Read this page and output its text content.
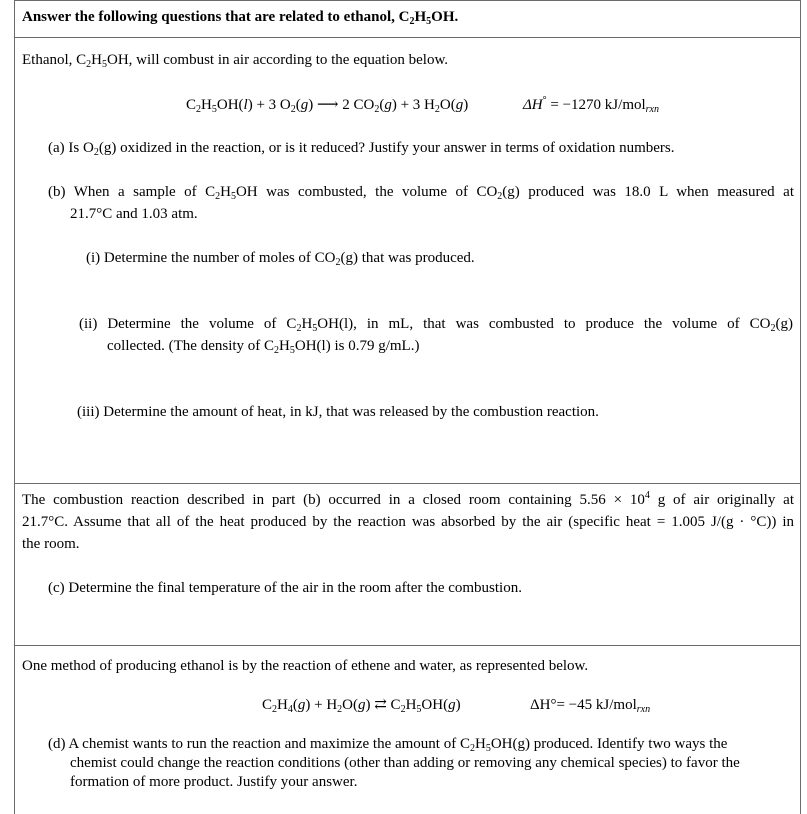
Answer the following questions that are related to ethanol, $C_2H_5OH$.
Ethanol, $C_2H_5OH$, will combust in air according to the equation below.
$C_2H_5OH(l) + 3$ $O_2(g)$ ⟶ 2 $CO_2(g) + 3$ $H_2O(g)$	ΔH° = −1270 kJ/mol$_{rxn}$
(a) Is $O_2(g)$ oxidized in the reaction, or is it reduced? Justify your answer in terms of oxidation numbers.
(b) When a sample of $C_2H_5OH$ was combusted, the volume of $CO_2(g)$ produced was 18.0 L when measured at
21.7°C and 1.03 atm.
(i) Determine the number of moles of $CO_2(g)$ that was produced.
(ii) Determine the volume of $C_2H_5OH(l)$, in mL, that was combusted to produce the volume of $CO_2(g)$
collected. (The density of $C_2H_5OH(l)$ is 0.79 g/mL.)
(iii) Determine the amount of heat, in kJ, that was released by the combustion reaction.
The combustion reaction described in part (b) occurred in a closed room containing $5.56 \times 10^4$ g of air originally at
21.7°C. Assume that all of the heat produced by the reaction was absorbed by the air (specific heat = 1.005 J/(g · °C)) in
the room.
(c) Determine the final temperature of the air in the room after the combustion.
One method of producing ethanol is by the reaction of ethene and water, as represented below.
$C_2H_4(g) + H_2O(g)$ ⇄ $C_2H_5OH(g)$	ΔH°= −45 kJ/mol$_{rxn}$
(d) A chemist wants to run the reaction and maximize the amount of $C_2H_5OH(g)$ produced. Identify two ways the
chemist could change the reaction conditions (other than adding or removing any chemical species) to favor the
formation of more product. Justify your answer.
